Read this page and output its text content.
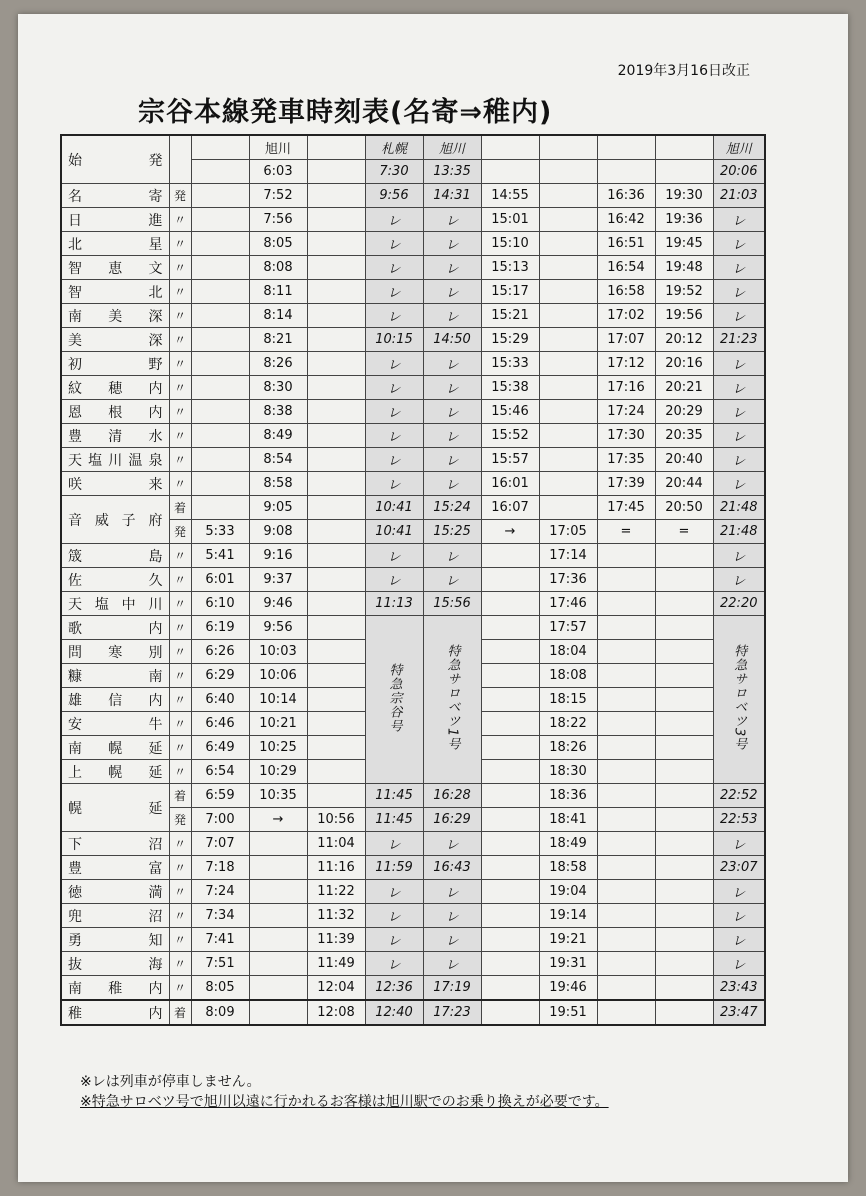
2019年3月16日改正
宗谷本線発車時刻表(名寄⇒稚内)
※レは列車が停車しません。
※特急サロベツ号で旭川以遠に行かれるお客様は旭川駅でのお乗り換えが必要です。
始　　　発			旭川		札幌	旭川					旭川
			6:03		7:30	13:35					20:06
名寄	発		7:52		9:56	14:31	14:55		16:36	19:30	21:03
日進	〃		7:56		レ	レ	15:01		16:42	19:36	レ
北星	〃		8:05		レ	レ	15:10		16:51	19:45	レ
智恵文	〃		8:08		レ	レ	15:13		16:54	19:48	レ
智北	〃		8:11		レ	レ	15:17		16:58	19:52	レ
南美深	〃		8:14		レ	レ	15:21		17:02	19:56	レ
美深	〃		8:21		10:15	14:50	15:29		17:07	20:12	21:23
初野	〃		8:26		レ	レ	15:33		17:12	20:16	レ
紋穂内	〃		8:30		レ	レ	15:38		17:16	20:21	レ
恩根内	〃		8:38		レ	レ	15:46		17:24	20:29	レ
豊清水	〃		8:49		レ	レ	15:52		17:30	20:35	レ
天塩川温泉	〃		8:54		レ	レ	15:57		17:35	20:40	レ
咲来	〃		8:58		レ	レ	16:01		17:39	20:44	レ
音威子府	着		9:05		10:41	15:24	16:07		17:45	20:50	21:48
	発	5:33	9:08		10:41	15:25	→	17:05	=	=	21:48
筬島	〃	5:41	9:16		レ	レ		17:14			レ
佐久	〃	6:01	9:37		レ	レ		17:36			レ
天塩中川	〃	6:10	9:46		11:13	15:56		17:46			22:20
歌内	〃	6:19	9:56		特急宗谷号	特急サロベツ1号		17:57			特急サロベツ3号
問寒別	〃	6:26	10:03					18:04			
糠南	〃	6:29	10:06					18:08			
雄信内	〃	6:40	10:14					18:15			
安牛	〃	6:46	10:21					18:22			
南幌延	〃	6:49	10:25					18:26			
上幌延	〃	6:54	10:29					18:30			
幌延	着	6:59	10:35		11:45	16:28		18:36			22:52
	発	7:00	→	10:56	11:45	16:29		18:41			22:53
下沼	〃	7:07		11:04	レ	レ		18:49			レ
豊富	〃	7:18		11:16	11:59	16:43		18:58			23:07
徳満	〃	7:24		11:22	レ	レ		19:04			レ
兜沼	〃	7:34		11:32	レ	レ		19:14			レ
勇知	〃	7:41		11:39	レ	レ		19:21			レ
抜海	〃	7:51		11:49	レ	レ		19:31			レ
南稚内	〃	8:05		12:04	12:36	17:19		19:46			23:43
稚内	着	8:09		12:08	12:40	17:23		19:51			23:47
